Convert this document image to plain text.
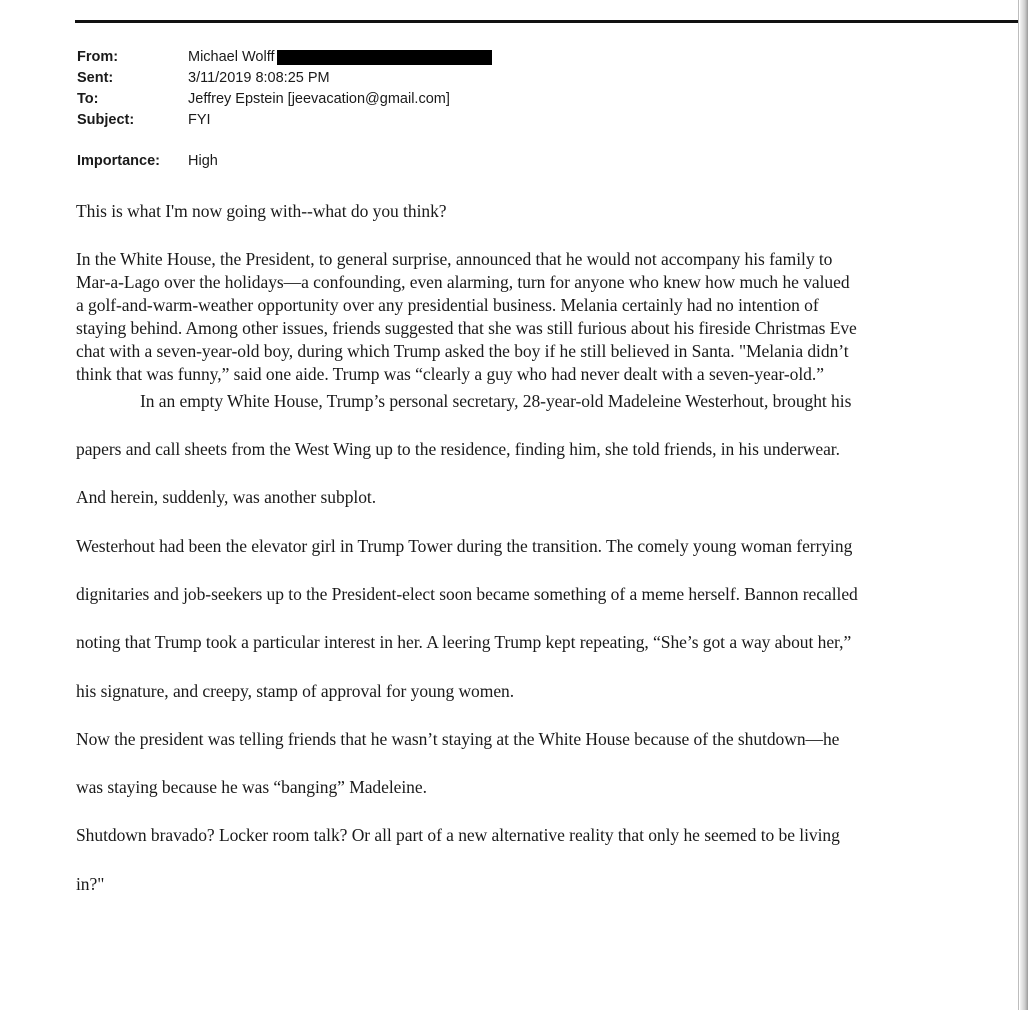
From:	Michael Wolff
Sent:	3/11/2019 8:08:25 PM
To:	Jeffrey Epstein [jeevacation@gmail.com]
Subject:	FYI
Importance:	High
This is what I'm now going with--what do you think?
In the White House, the President, to general surprise, announced that he would not accompany his family to
Mar-a-Lago over the holidays—a confounding, even alarming, turn for anyone who knew how much he valued
a golf-and-warm-weather opportunity over any presidential business. Melania certainly had no intention of
staying behind. Among other issues, friends suggested that she was still furious about his fireside Christmas Eve
chat with a seven-year-old boy, during which Trump asked the boy if he still believed in Santa. "Melania didn’t
think that was funny,” said one aide. Trump was “clearly a guy who had never dealt with a seven-year-old.”
In an empty White House, Trump’s personal secretary, 28-year-old Madeleine Westerhout, brought his
papers and call sheets from the West Wing up to the residence, finding him, she told friends, in his underwear.
And herein, suddenly, was another subplot.
Westerhout had been the elevator girl in Trump Tower during the transition. The comely young woman ferrying
dignitaries and job-seekers up to the President-elect soon became something of a meme herself. Bannon recalled
noting that Trump took a particular interest in her. A leering Trump kept repeating, “She’s got a way about her,”
his signature, and creepy, stamp of approval for young women.
Now the president was telling friends that he wasn’t staying at the White House because of the shutdown—he
was staying because he was “banging” Madeleine.
Shutdown bravado? Locker room talk? Or all part of a new alternative reality that only he seemed to be living
in?"
